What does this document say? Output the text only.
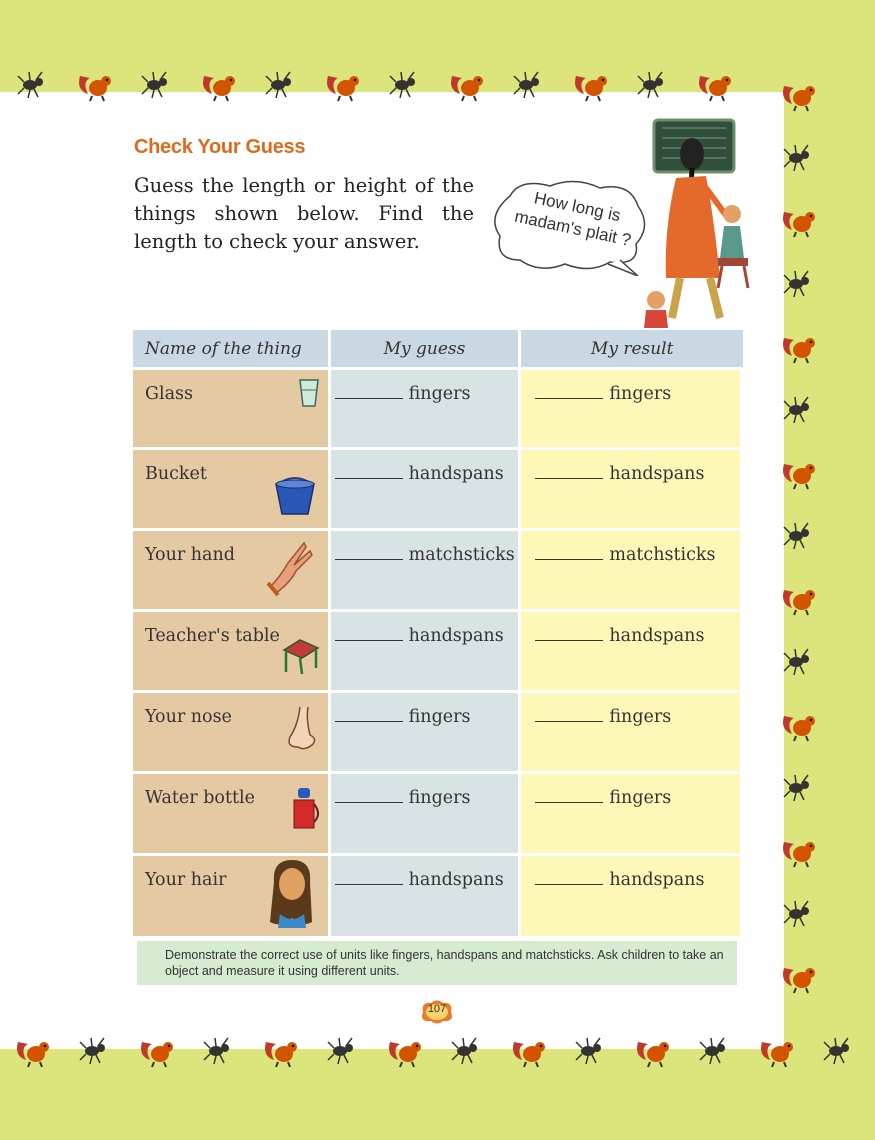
Check Your Guess
Guess the length or height of the things shown below. Find the length to check your answer.
How long is madam's plait ?
Name of the thing	My guess	My result
Glass	fingers	fingers
Bucket	handspans	handspans
Your hand	matchsticks	matchsticks
Teacher's table	handspans	handspans
Your nose	fingers	fingers
Water bottle	fingers	fingers
Your hair	handspans	handspans
Demonstrate the correct use of units like fingers, handspans and matchsticks. Ask children to take an object and measure it using different units.
107
